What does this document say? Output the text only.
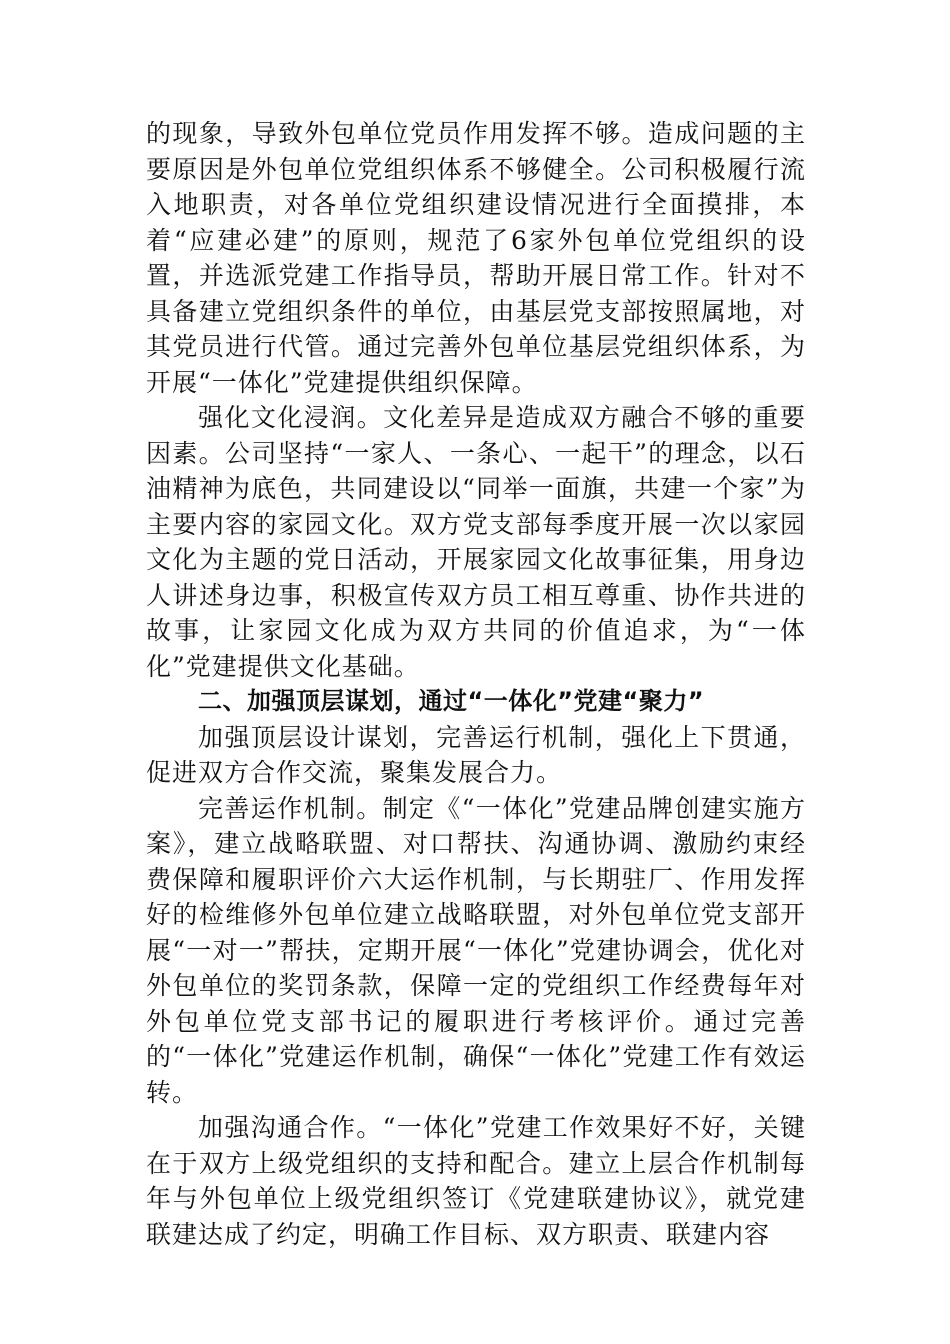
的现象，导致外包单位党员作用发挥不够。造成问题的主要原因是外包单位党组织体系不够健全。公司积极履行流入地职责，对各单位党组织建设情况进行全面摸排，本着“应建必建”的原则，规范了6家外包单位党组织的设置，并选派党建工作指导员，帮助开展日常工作。针对不具备建立党组织条件的单位，由基层党支部按照属地，对其党员进行代管。通过完善外包单位基层党组织体系，为开展“一体化”党建提供组织保障。

强化文化浸润。文化差异是造成双方融合不够的重要因素。公司坚持“一家人、一条心、一起干”的理念，以石油精神为底色，共同建设以“同举一面旗，共建一个家”为主要内容的家园文化。双方党支部每季度开展一次以家园文化为主题的党日活动，开展家园文化故事征集，用身边人讲述身边事，积极宣传双方员工相互尊重、协作共进的故事，让家园文化成为双方共同的价值追求，为“一体化”党建提供文化基础。

二、加强顶层谋划，通过“一体化”党建“聚力”

加强顶层设计谋划，完善运行机制，强化上下贯通，促进双方合作交流，聚集发展合力。

完善运作机制。制定《“一体化”党建品牌创建实施方案》，建立战略联盟、对口帮扶、沟通协调、激励约束经费保障和履职评价六大运作机制，与长期驻厂、作用发挥好的检维修外包单位建立战略联盟，对外包单位党支部开展“一对一”帮扶，定期开展“一体化”党建协调会，优化对外包单位的奖罚条款，保障一定的党组织工作经费每年对外包单位党支部书记的履职进行考核评价。通过完善的“一体化”党建运作机制，确保“一体化”党建工作有效运转。

加强沟通合作。“一体化”党建工作效果好不好，关键在于双方上级党组织的支持和配合。建立上层合作机制每年与外包单位上级党组织签订《党建联建协议》，就党建联建达成了约定，明确工作目标、双方职责、联建内容
